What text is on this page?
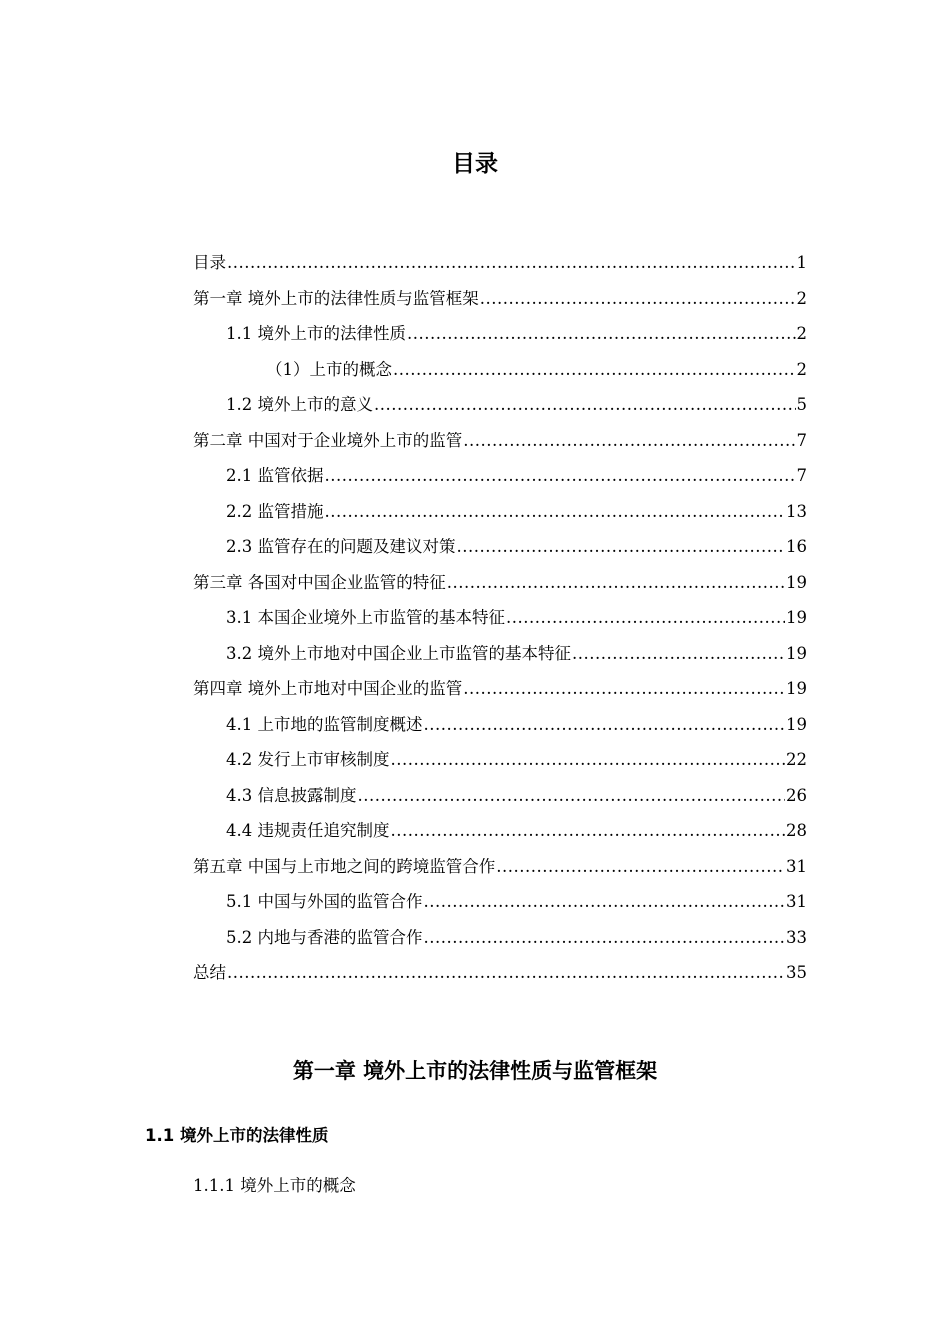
目录
目录 .....	1
第一章 境外上市的法律性质与监管框架 .....	2
1.1 境外上市的法律性质 .....	2
（1）上市的概念 .....	2
1.2 境外上市的意义 .....	5
第二章 中国对于企业境外上市的监管 .....	7
2.1 监管依据 .....	7
2.2 监管措施 .....	13
2.3 监管存在的问题及建议对策 .....	16
第三章 各国对中国企业监管的特征 .....	19
3.1 本国企业境外上市监管的基本特征 .....	19
3.2 境外上市地对中国企业上市监管的基本特征 .....	19
第四章 境外上市地对中国企业的监管 .....	19
4.1 上市地的监管制度概述 .....	19
4.2 发行上市审核制度 .....	22
4.3 信息披露制度 .....	26
4.4 违规责任追究制度 .....	28
第五章 中国与上市地之间的跨境监管合作 .....	31
5.1 中国与外国的监管合作 .....	31
5.2 内地与香港的监管合作 .....	33
总结 .....	35
第一章 境外上市的法律性质与监管框架
1.1 境外上市的法律性质
1.1.1 境外上市的概念
